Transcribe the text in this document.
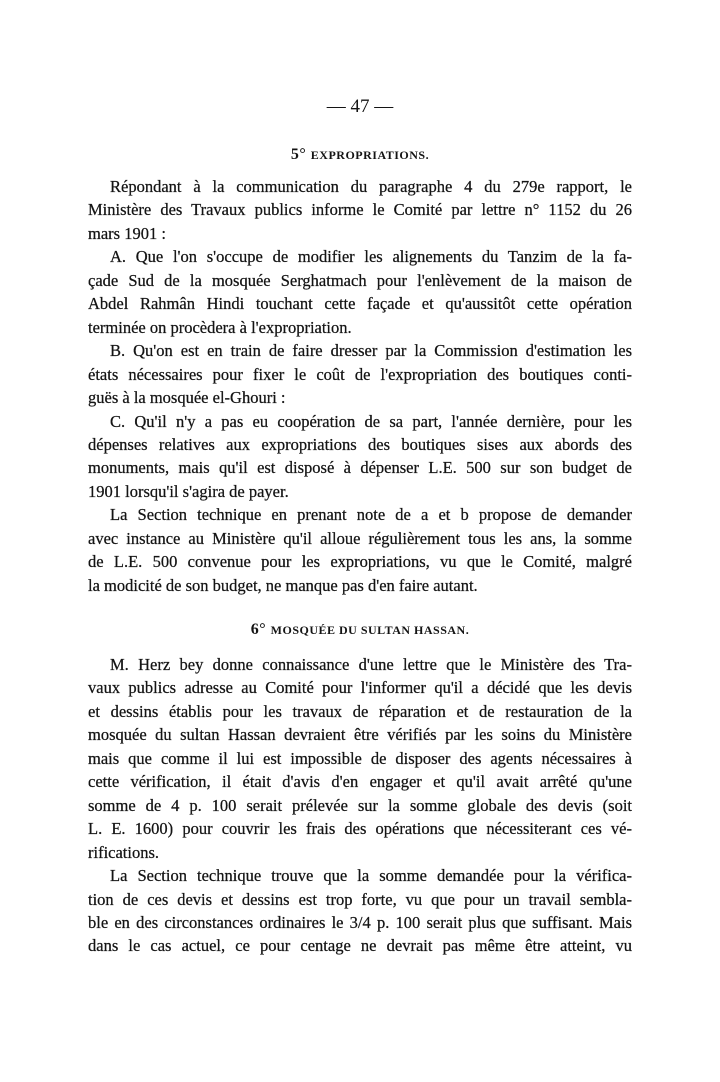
— 47 —
5° EXPROPRIATIONS.
Répondant à la communication du paragraphe 4 du 279e rapport, le
Ministère des Travaux publics informe le Comité par lettre n° 1152 du 26
mars 1901 :
A. Que l'on s'occupe de modifier les alignements du Tanzim de la fa-
çade Sud de la mosquée Serghatmach pour l'enlèvement de la maison de
Abdel Rahmân Hindi touchant cette façade et qu'aussitôt cette opération
terminée on procèdera à l'expropriation.
B. Qu'on est en train de faire dresser par la Commission d'estimation les
états nécessaires pour fixer le coût de l'expropriation des boutiques conti-
guës à la mosquée el-Ghouri :
C. Qu'il n'y a pas eu coopération de sa part, l'année dernière, pour les
dépenses relatives aux expropriations des boutiques sises aux abords des
monuments, mais qu'il est disposé à dépenser L.E. 500 sur son budget de
1901 lorsqu'il s'agira de payer.
La Section technique en prenant note de a et b propose de demander
avec instance au Ministère qu'il alloue régulièrement tous les ans, la somme
de L.E. 500 convenue pour les expropriations, vu que le Comité, malgré
la modicité de son budget, ne manque pas d'en faire autant.
6° MOSQUÉE DU SULTAN HASSAN.
M. Herz bey donne connaissance d'une lettre que le Ministère des Tra-
vaux publics adresse au Comité pour l'informer qu'il a décidé que les devis
et dessins établis pour les travaux de réparation et de restauration de la
mosquée du sultan Hassan devraient être vérifiés par les soins du Ministère
mais que comme il lui est impossible de disposer des agents nécessaires à
cette vérification, il était d'avis d'en engager et qu'il avait arrêté qu'une
somme de 4 p. 100 serait prélevée sur la somme globale des devis (soit
L. E. 1600) pour couvrir les frais des opérations que nécessiterant ces vé-
rifications.
La Section technique trouve que la somme demandée pour la vérifica-
tion de ces devis et dessins est trop forte, vu que pour un travail sembla-
ble en des circonstances ordinaires le 3/4 p. 100 serait plus que suffisant. Mais
dans le cas actuel, ce pour centage ne devrait pas même être atteint, vu
